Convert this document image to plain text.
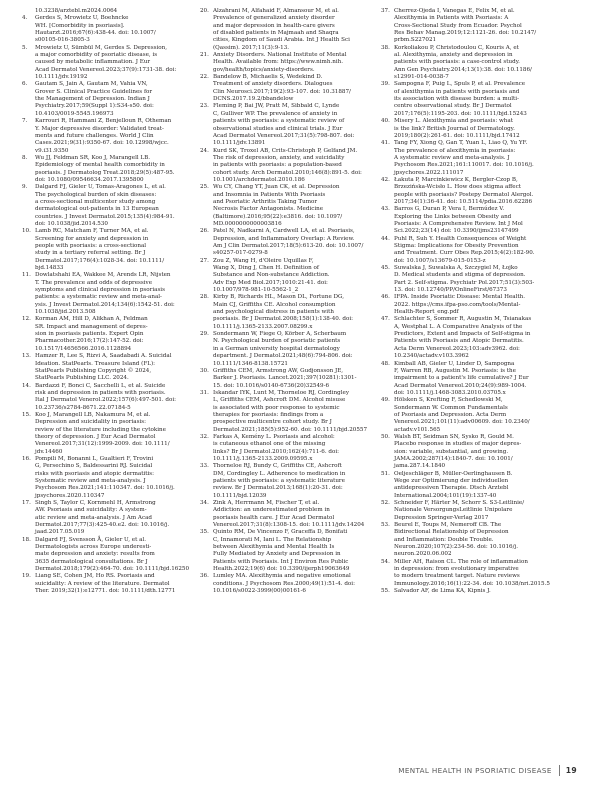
10.3238/arztebl.m2024.0064
4.	Gerdes S, Mrowietz U, Boehncke
WH. [Comorbidity in psoriasis].
Hautarzt.2016;67(6):438-44. doi: 10.1007/
s00105-016-3805-3
5.	Mrowietz U, Sümbül M, Gerdes S. Depression,
a major comorbidity of psoriatic disease, is
caused by metabolic inflammation. J Eur
Acad Dermatol Venereol.2023;37(9):1731-38. doi:
10.1111/jdv.19192
6.	Gautam S, Jain A, Gautam M, Vahia VN,
Grover S. Clinical Practice Guidelines for
the Management of Depression. Indian J
Psychiatry.2017;59(Suppl 1):S34-s50. doi:
10.4103/0019-5545.196973
7.	Karrouri R, Hammani Z, Benjelloun R, Otheman
Y. Major depressive disorder: Validated treat-
ments and future challenges. World J Clin
Cases.2021;9(31):9350-67. doi: 10.12998/wjcc.
v9.i31.9350
8.	Wu JJ, Feldman SR, Koo J, Marangell LB.
Epidemiology of mental health comorbidity in
psoriasis. J Dermatolog Treat.2018;29(5):487-95.
doi: 10.1080/09546634.2017.1395800
9.	Dalgard FJ, Gieler U, Tomas-Aragones L, et al.
The psychological burden of skin diseases:
a cross-sectional multicenter study among
dermatological out-patients in 13 European
countries. J Invest Dermatol.2015;135(4):984-91.
doi: 10.1038/jid.2014.530
10. Lamb RC, Matcham F, Turner MA, et al.
Screening for anxiety and depression in
people with psoriasis: a cross-sectional
study in a tertiary referral setting. Br J
Dermatol.2017;176(4):1028-34. doi: 10.1111/
bjd.14833
11. Dowlatshahi EA, Wakkee M, Arends LR, Nijsten
T. The prevalence and odds of depressive
symptoms and clinical depression in psoriasis
patients: a systematic review and meta-anal-
ysis. J Invest Dermatol.2014;134(6):1542-51. doi:
10.1038/jid.2013.508
12. Korman AM, Hill D, Alikhan A, Feldman
SR. Impact and management of depres-
sion in psoriasis patients. Expert Opin
Pharmacother.2016;17(2):147-52. doi:
10.1517/14656566.2016.1128894
13. Hamzer R, Lee S, Rizvi A, Saadabadi A. Suicidal
Ideation. StatPearls. Treasure Island (FL):
StatPearls Publishing Copyright © 2024,
StatPearls Publishing LLC. 2024.
14. Bardazzi F, Bonci C, Sacchelli L, et al. Suicide
risk and depression in patients with psoriasis.
Ital J Dermatol Venerol.2022;157(6):497-501. doi:
10.23736/s2784-8671.22.07184-5
15. Koo J, Marangell LB, Nakamura M, et al.
Depression and suicidality in psoriasis:
review of the literature including the cytokine
theory of depression. J Eur Acad Dermatol
Venereol.2017;31(12):1999-2009. doi: 10.1111/
jdv.14460
16. Pompili M, Bonanni L, Gualtieri F, Trovini
G, Persechino S, Baldessarini RJ. Suicidal
risks with psoriasis and atopic dermatitis:
Systematic review and meta-analysis. J
Psychosom Res.2021;141:110347. doi: 10.1016/j.
jpsychores.2020.110347
17. Singh S, Taylor C, Kornmehl H, Armstrong
AW. Psoriasis and suicidality: A system-
atic review and meta-analysis. J Am Acad
Dermatol.2017;77(3):425-40.e2. doi: 10.1016/j.
jaad.2017.05.019
18. Dalgard FJ, Svensson Å, Gieler U, et al.
Dermatologists across Europe underesti-
mate depression and anxiety: results from
3635 dermatological consultations. Br J
Dermatol.2018;179(2):464-70. doi: 10.1111/bjd.16250
19. Liang SE, Cohen JM, Ho RS. Psoriasis and
suicidality: A review of the literature. Dermatol
Ther. 2019;32(1):e12771. doi: 10.1111/dth.12771
20. Alzahrani M, Alfahaid F, Almansour M, et al.
Prevalence of generalized anxiety disorder
and major depression in health-care givers
of disabled patients in Majmaah and Shaqra
cities, Kingdom of Saudi Arabia. Int J Health Sci
(Qassim). 2017;11(3):9-13.
21. Anxiety Disorders. National Institute of Mental
Health. Available from: https://www.nimh.nih.
gov/health/topics/anxiety-disorders.
22. Bandelow B, Michaelis S, Wedekind D.
Treatment of anxiety disorders. Dialogues
Clin Neurosci.2017;19(2):93-107. doi: 10.31887/
DCNS.2017.19.2/bbandelow
23. Fleming P, Bai JW, Pratt M, Sibbald C, Lynde
C, Gulliver WP. The prevalence of anxiety in
patients with psoriasis: a systematic review of
observational studies and clinical trials. J Eur
Acad Dermatol Venereol.2017;31(5):798-807. doi:
10.1111/jdv.13891
24. Kurd SK, Troxel AB, Crits-Christoph P, Gelfand JM.
The risk of depression, anxiety, and suicidality
in patients with psoriasis: a population-based
cohort study. Arch Dermatol.2010;146(8):891-5. doi:
10.1001/archdermatol.2010.186
25. Wu CY, Chang YT, Juan CK, et al. Depression
and Insomnia in Patients With Psoriasis
and Psoriatic Arthritis Taking Tumor
Necrosis Factor Antagonists. Medicine
(Baltimore).2016;95(22):e3816. doi: 10.1097/
MD.0000000000003816
26. Patel N, Nadkarni A, Cardwell LA, et al. Psoriasis,
Depression, and Inflammatory Overlap: A Review.
Am J Clin Dermatol.2017;18(5):613-20. doi: 10.1007/
s40257-017-0279-8
27. Zou Z, Wang H, d'Oleire Uquillas F,
Wang X, Ding J, Chen H. Definition of
Substance and Non-substance Addiction.
Adv Exp Med Biol.2017;1010:21-41. doi:
10.1007/978-981-10-5562-1_2
28. Kirby B, Richards HL, Mason DL, Fortune DG,
Main CJ, Griffiths CE. Alcohol consumption
and psychological distress in patients with
psoriasis. Br J Dermatol.2008;158(1):138-40. doi:
10.1111/j.1365-2133.2007.08299.x
29. Sondermann W, Fiege O, Körber A, Scherbaum
N. Psychological burden of psoriatic patients
in a German university hospital dermatology
department. J Dermatol.2021;48(6):794-806. doi:
10.1111/1346-8138.15721
30. Griffiths CEM, Armstrong AW, Gudjonsson JE,
Barker J. Psoriasis. Lancet.2021;397(10281):1301-
15. doi: 10.1016/s0140-6736(20)32549-6
31. Iskandar IYK, Lunt M, Thorneloe RJ, Cordingley
L, Griffiths CEM, Ashcroft DM. Alcohol misuse
is associated with poor response to systemic
therapies for psoriasis: findings from a
prospective multicentre cohort study. Br J
Dermatol.2021;185(5):952-60. doi: 10.1111/bjd.20557
32. Farkas A, Kemény L. Psoriasis and alcohol:
is cutaneous ethanol one of the missing
links? Br J Dermatol.2010;162(4):711-6. doi:
10.1111/j.1365-2133.2009.09595.x
33. Thorneloe RJ, Bundy C, Griffiths CE, Ashcroft
DM, Cordingley L. Adherence to medication in
patients with psoriasis: a systematic literature
review. Br J Dermatol.2013;168(1):20-31. doi:
10.1111/bjd.12039
34. Zink A, Herrmann M, Fischer T, et al.
Addiction: an underestimated problem in
psoriasis health care. J Eur Acad Dermatol
Venereol.2017;31(8):1308-15. doi: 10.1111/jdv.14204
35. Quinto RM, De Vincenzo F, Graceffa D, Bonifati
C, Innamorati M, Iani L. The Relationship
between Alexithymia and Mental Health Is
Fully Mediated by Anxiety and Depression in
Patients with Psoriasis. Int J Environ Res Public
Health.2022;19(6) doi: 10.3390/ijerph19063649
36. Lumley MA. Alexithymia and negative emotional
conditions. J Psychosom Res.2000;49(1):51-4. doi:
10.1016/s0022-3999(00)00161-6
37. Cherrez-Ojeda I, Vanegas E, Felix M, et al.
Alexithymia in Patients with Psoriasis: A
Cross-Sectional Study from Ecuador. Psychol
Res Behav Manag.2019;12:1121-26. doi: 10.2147/
prbm.S227021
38. Korkoliakou P, Christodoulou C, Kouris A, et
al. Alexithymia, anxiety and depression in
patients with psoriasis: a case-control study.
Ann Gen Psychiatry.2014;13(1):38. doi: 10.1186/
s12991-014-0038-7
39. Sampogna F, Puig L, Spuls P, et al. Prevalence
of alexithymia in patients with psoriasis and
its association with disease burden: a multi-
centre observational study. Br J Dermatol
2017;176(5):1195-203. doi: 10.1111/bjd.15243
40. Misery L. Alexithymia and psoriasis: what
is the link? British Journal of Dermatology.
2019;180(2):261-61. doi: 10.1111/bjd.17412
41. Tang FY, Xiong Q, Gan T, Yuan L, Liao Q, Yu YF.
The prevalence of alexithymia in psoriasis:
A systematic review and meta-analysis. J
Psychosom Res.2021;161:110017. doi: 10.1016/j.
jpsychores.2022.111017
42. Łakuta P, Marcinkiewicz K, Bergler-Czop B,
Brzezińska-Wcisło L. How does stigma affect
people with psoriasis? Postepy Dermatol Alergol.
2017;34(1):36-41. doi: 10.5114/pdia.2016.62286
43. Barros G, Duran P, Vera I, Bermúdez V.
Exploring the Links between Obesity and
Psoriasis: A Comprehensive Review. Int J Mol
Sci.2022;23(14) doi: 10.3390/ijms23147499
44. Puhl R, Suh Y. Health Consequences of Weight
Stigma: Implications for Obesity Prevention
and Treatment. Curr Obes Rep.2015;4(2):182-90.
doi: 10.1007/s13679-015-0153-z
45. Suwalska J, Suwalska A, Szczygiel M, Łojko
D. Medical students and stigma of depression.
Part 2. Self-stigma. Psychiatr Pol.2017;51(3):503-
13. doi: 10.12740/PP/OnlineFirst/67373
46. IFPA. Inside Psoriatic Disease: Mental Health.
2022. https://cms.ifpa-pso.com/tools/Mental-
Health-Report_eng.pdf
47. Schlachter S, Sommer R, Augustin M, Tsianakas
A, Westphal L. A Comparative Analysis of the
Predictors, Extent and Impacts of Self-stigma in
Patients with Psoriasis and Atopic Dermatitis.
Acta Derm Venereol.2023;103:adv3962. doi:
10.2340/actadv.v103.3962
48. Kimball AB, Gieler U, Linder D, Sampogna
F, Warren RB, Augustin M. Psoriasis: is the
impairment to a patient's life cumulative? J Eur
Acad Dermatol Venereol.2010;24(9):989-1004.
doi: 10.1111/j.1468-3083.2010.03705.x
49. Hölsken S, Krefting F, Schedlowski M,
Sondermann W. Common Fundamentals
of Psoriasis and Depression. Acta Derm
Venereol.2021;101(11):adv00609. doi: 10.2340/
actadv.v101.565
50. Walsh BT, Seidman SN, Sysko R, Gould M.
Placebo response in studies of major depres-
sion: variable, substantial, and growing.
JAMA.2002;287(14):1840-7. doi: 10.1001/
jama.287.14.1840
51. Oeljeschläger B, Müller-Oerlinghausen B.
Wege zur Optimierung der individuellen
antidepressiven Therapie. Dtsch Arztebl
International.2004;101(19):1337-40
52. Schneider F, Härter M, Schorr S. S3-Leitlinie/
Nationale VersorgungsLeitlinie Unipolare
Depression Springer-Verlag 2017
53. Beurel E, Toups M, Nemeroff CB. The
Bidirectional Relationship of Depression
and Inflammation: Double Trouble.
Neuron.2020;107(2):234-56. doi: 10.1016/j.
neuron.2020.06.002
54. Miller AH, Raison CL. The role of inflammation
in depression: from evolutionary imperative
to modern treatment target. Nature reviews
Immunology.2016;16(1):22-34. doi: 10.1038/nri.2015.5
55. Salvador AF, de Lima KA, Kipnis J.
MENTAL HEALTH IN PSORIATIC DISEASE 19
